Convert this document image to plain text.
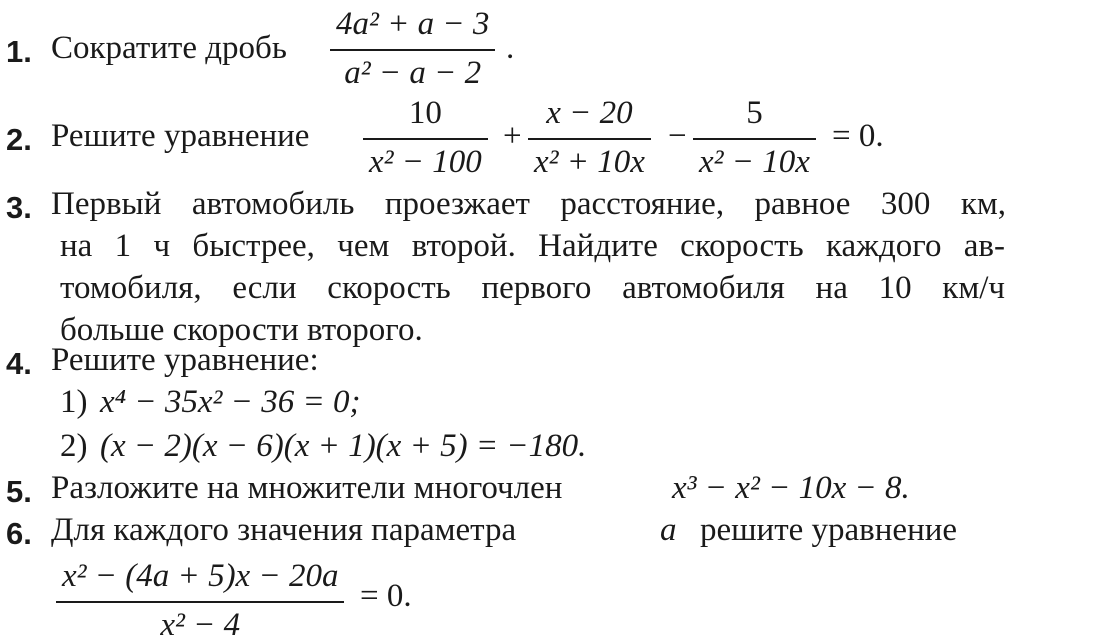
1. Сократите дробь
4a² + a − 3
a² − a − 2
.
2. Решите уравнение
10
x² − 100
+
x − 20
x² + 10x
−
5
x² − 10x
= 0.
3. Первый автомобиль проезжает расстояние, равное 300 км,
на 1 ч быстрее, чем второй. Найдите скорость каждого ав-
томобиля, если скорость первого автомобиля на 10 км/ч
больше скорости второго.
4. Решите уравнение:
1) x⁴ − 35x² − 36 = 0;
2) (x − 2)(x − 6)(x + 1)(x + 5) = −180.
5. Разложите на множители многочлен	x³ − x² − 10x − 8.
6. Для каждого значения параметра	a решите уравнение
x² − (4a + 5)x − 20a
x² − 4
= 0.
